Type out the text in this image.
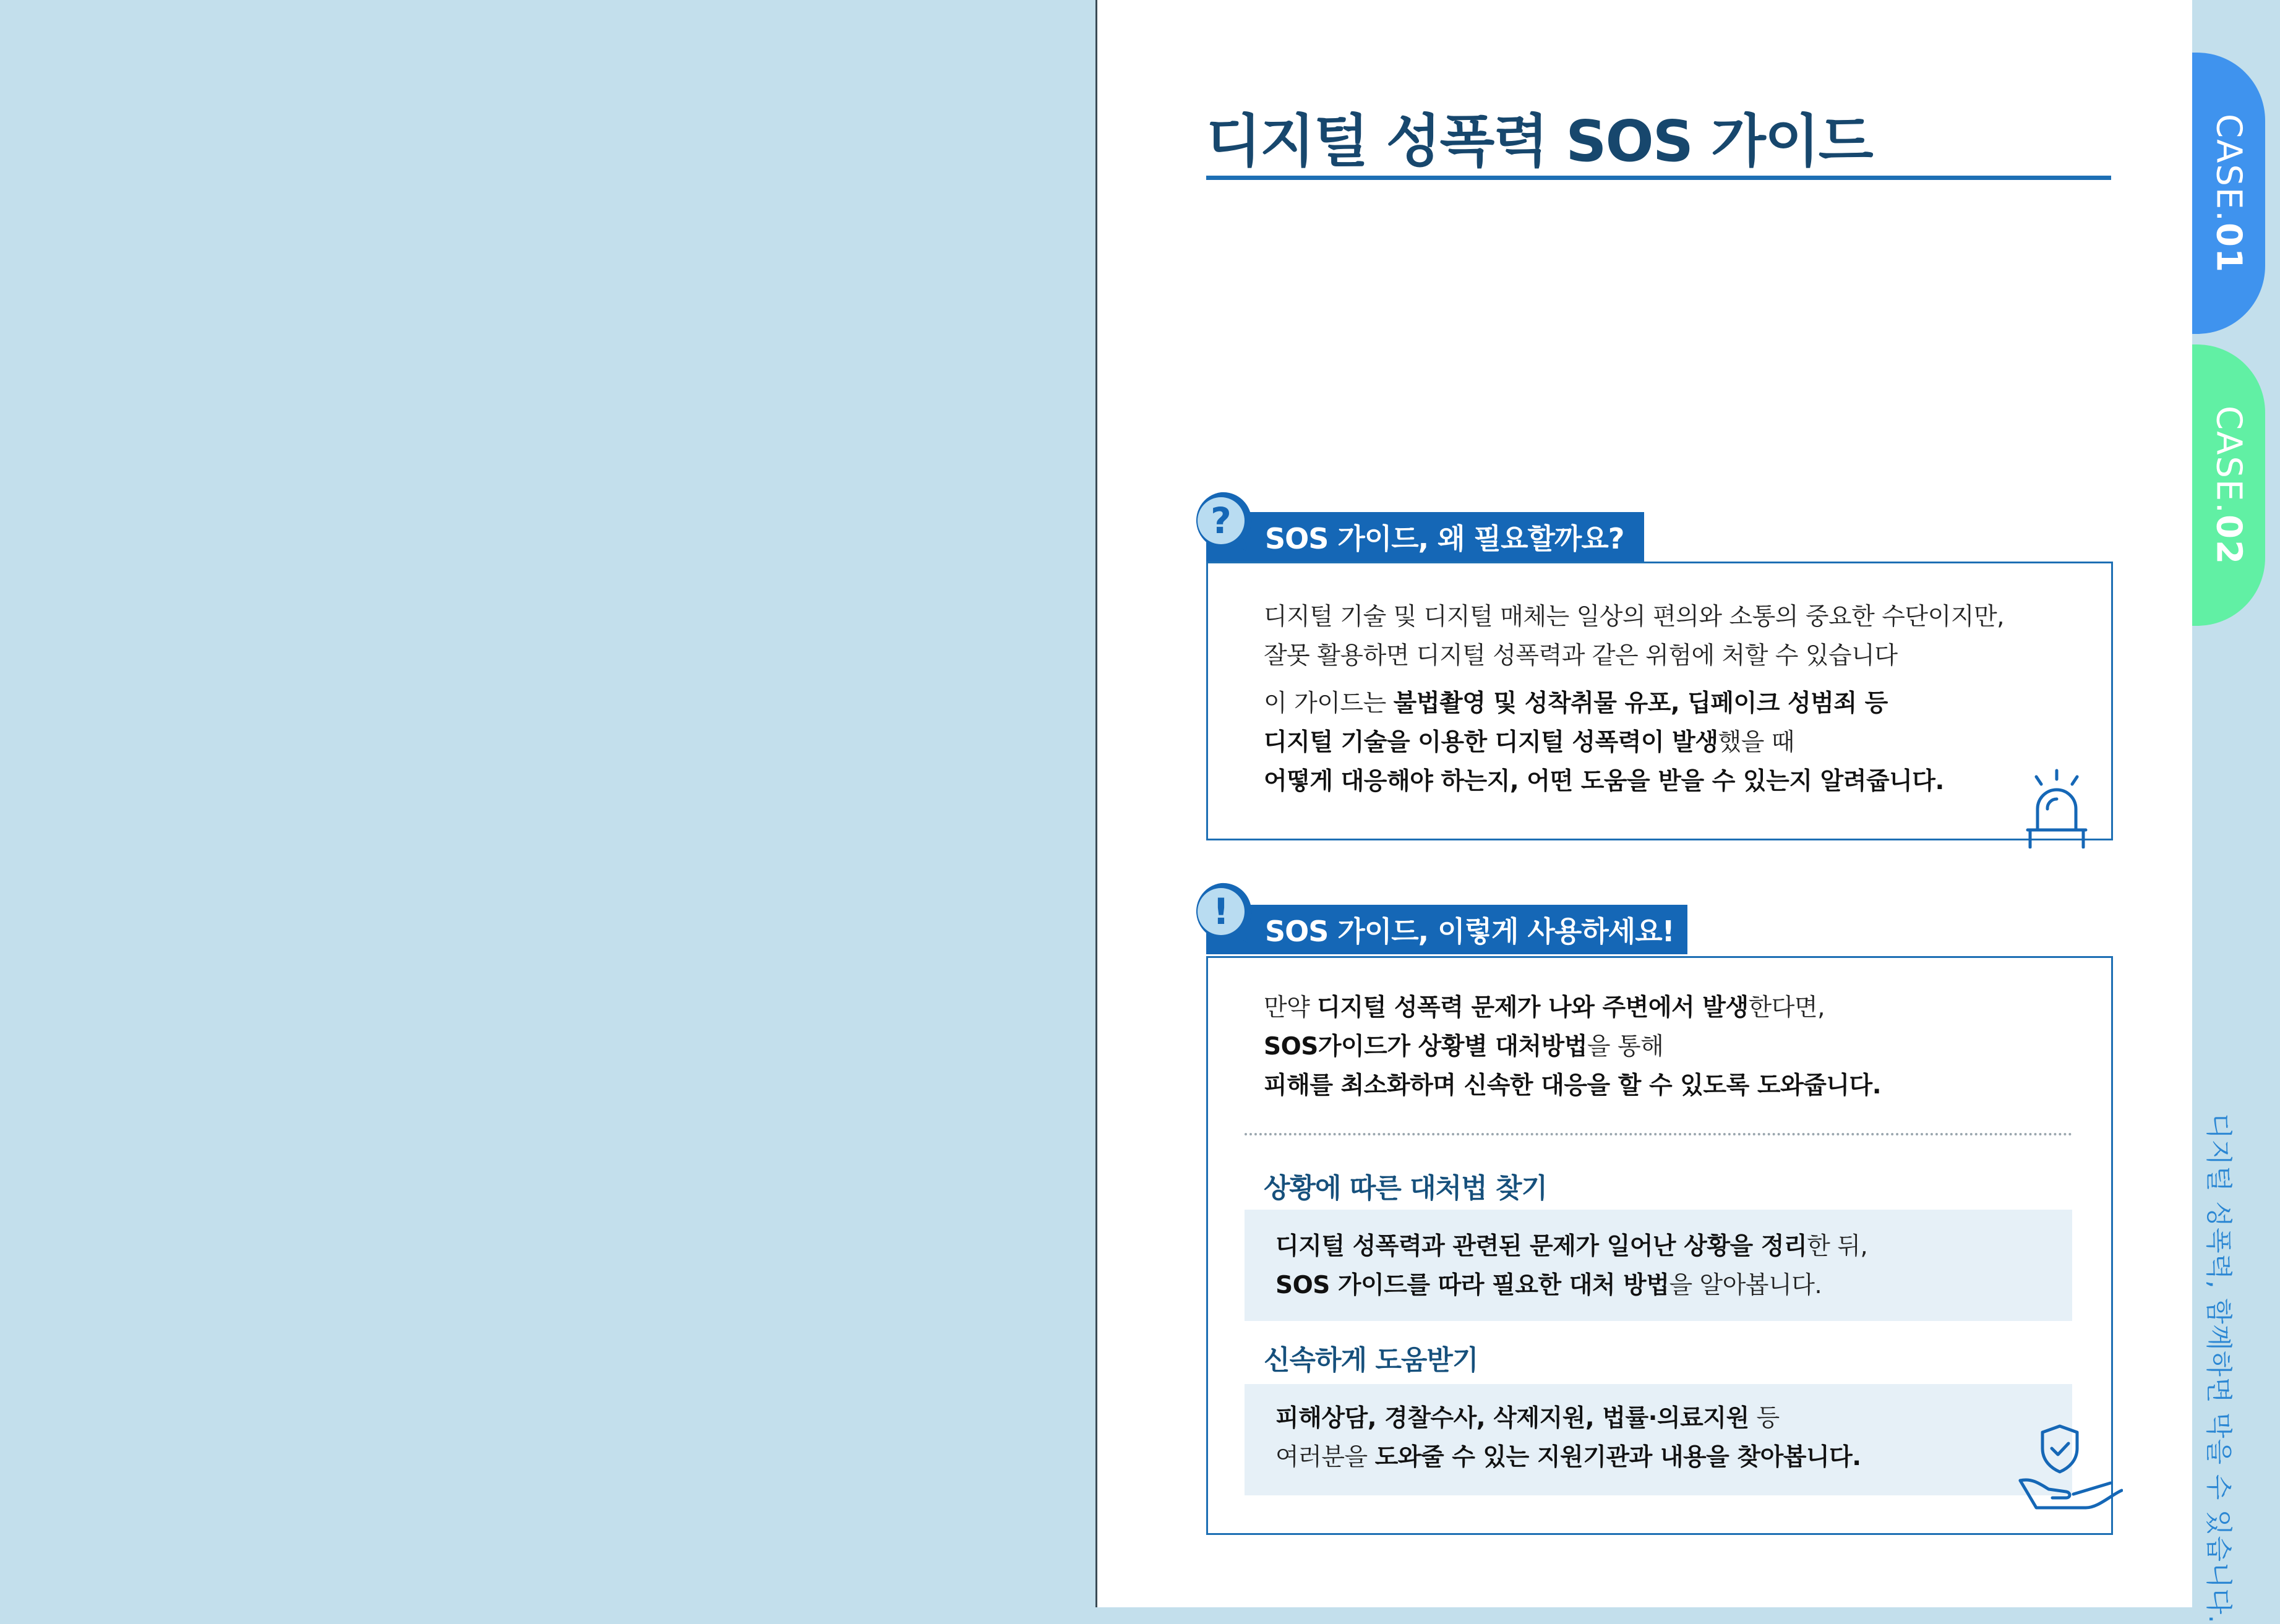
CASE.01
CASE.02
디지털 성폭력, 함께하면 막을 수 있습니다.
디지털 성폭력 SOS 가이드
SOS 가이드, 왜 필요할까요?
?
디지털 기술 및 디지털 매체는 일상의 편의와 소통의 중요한 수단이지만,
잘못 활용하면 디지털 성폭력과 같은 위험에 처할 수 있습니다
이 가이드는 불법촬영 및 성착취물 유포, 딥페이크 성범죄 등
디지털 기술을 이용한 디지털 성폭력이 발생했을 때
어떻게 대응해야 하는지, 어떤 도움을 받을 수 있는지 알려줍니다.
SOS 가이드, 이렇게 사용하세요!
!
만약 디지털 성폭력 문제가 나와 주변에서 발생한다면,
SOS가이드가 상황별 대처방법을 통해
피해를 최소화하며 신속한 대응을 할 수 있도록 도와줍니다.
상황에 따른 대처법 찾기
디지털 성폭력과 관련된 문제가 일어난 상황을 정리한 뒤,
SOS 가이드를 따라 필요한 대처 방법을 알아봅니다.
신속하게 도움받기
피해상담, 경찰수사, 삭제지원, 법률·의료지원 등
여러분을 도와줄 수 있는 지원기관과 내용을 찾아봅니다.
